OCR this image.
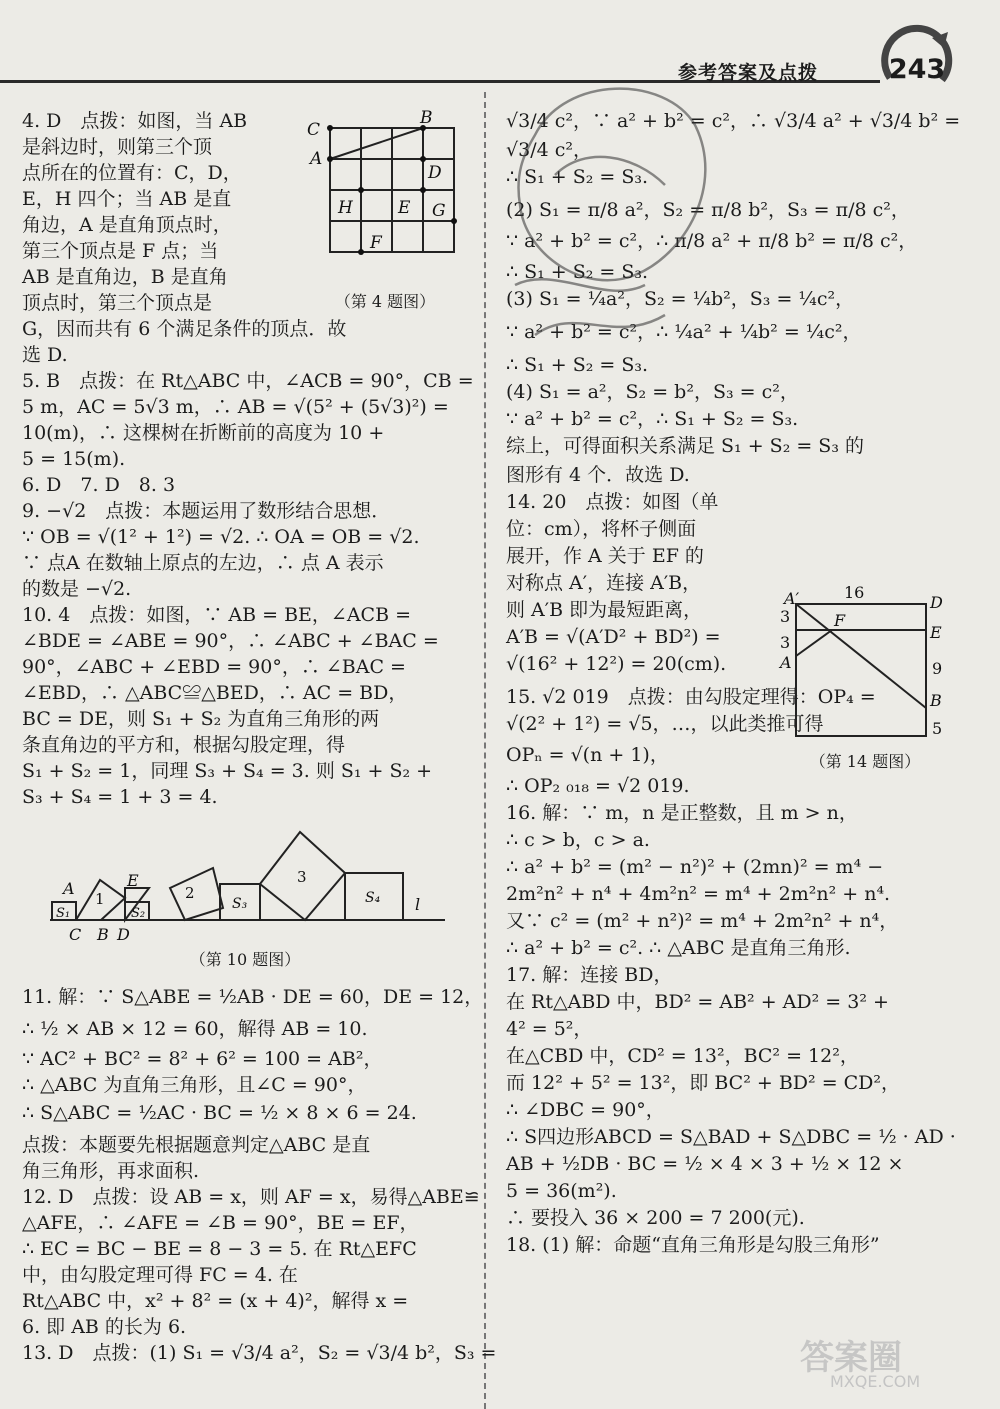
参考答案及点拨	243
4. D　点拨：如图，当 AB
是斜边时，则第三个顶
点所在的位置有：C，D，
E，H 四个；当 AB 是直
角边，A 是直角顶点时，
第三个顶点是 F 点；当
AB 是直角边，B 是直角
顶点时，第三个顶点是
G，因而共有 6 个满足条件的顶点．故
选 D.
5. B　点拨：在 Rt△ABC 中，∠ACB = 90°，CB =
5 m，AC = 5√3 m，∴ AB = √(5² + (5√3)²) =
10(m)，∴ 这棵树在折断前的高度为 10 +
5 = 15(m).
6. D　7. D　8. 3
9. −√2　点拨：本题运用了数形结合思想．
∵ OB = √(1² + 1²) = √2. ∴ OA = OB = √2.
∵ 点A 在数轴上原点的左边，∴ 点 A 表示
的数是 −√2.
10. 4　点拨：如图，∵ AB = BE，∠ACB =
∠BDE = ∠ABE = 90°，∴ ∠ABC + ∠BAC =
90°，∠ABC + ∠EBD = 90°，∴ ∠BAC =
∠EBD，∴ △ABC≌△BED，∴ AC = BD，
BC = DE，则 S₁ + S₂ 为直角三角形的两
条直角边的平方和，根据勾股定理，得
S₁ + S₂ = 1，同理 S₃ + S₄ = 3. 则 S₁ + S₂ +
S₃ + S₄ = 1 + 3 = 4.
C
A
B
D
H	E G
F
（第 4 题图）
A	E
C B D
l
S₁	S₂
S₃	S₄
1	2
3
（第 10 题图）
11. 解：∵ S△ABE = ½AB · DE = 60，DE = 12，
∴ ½ × AB × 12 = 60，解得 AB = 10.
∵ AC² + BC² = 8² + 6² = 100 = AB²，
∴ △ABC 为直角三角形，且∠C = 90°，
∴ S△ABC = ½AC · BC = ½ × 8 × 6 = 24.
点拨：本题要先根据题意判定△ABC 是直
角三角形，再求面积.
12. D　点拨：设 AB = x，则 AF = x，易得△ABE≌
△AFE，∴ ∠AFE = ∠B = 90°，BE = EF，
∴ EC = BC − BE = 8 − 3 = 5. 在 Rt△EFC
中，由勾股定理可得 FC = 4. 在
Rt△ABC 中，x² + 8² = (x + 4)²，解得 x =
6. 即 AB 的长为 6.
13. D　点拨：(1) S₁ = √3/4 a²，S₂ = √3/4 b²，S₃ =
√3/4 c²，∵ a² + b² = c²，∴ √3/4 a² + √3/4 b² =
√3/4 c²，
∴ S₁ + S₂ = S₃.
(2) S₁ = π/8 a²，S₂ = π/8 b²，S₃ = π/8 c²，
∵ a² + b² = c²，∴ π/8 a² + π/8 b² = π/8 c²，
∴ S₁ + S₂ = S₃.
(3) S₁ = ¼a²，S₂ = ¼b²，S₃ = ¼c²，
∵ a² + b² = c²，∴ ¼a² + ¼b² = ¼c²，
∴ S₁ + S₂ = S₃.
(4) S₁ = a²，S₂ = b²，S₃ = c²，
∵ a² + b² = c²，∴ S₁ + S₂ = S₃.
综上，可得面积关系满足 S₁ + S₂ = S₃ 的
图形有 4 个．故选 D.
14. 20　点拨：如图（单
位：cm），将杯子侧面
展开，作 A 关于 EF 的
对称点 A′，连接 A′B，
则 A′B 即为最短距离，
A′B = √(A′D² + BD²) =
√(16² + 12²) = 20(cm).
15. √2 019　点拨：由勾股定理得：OP₄ =
√(2² + 1²) = √5，…，以此类推可得
OPₙ = √(n + 1)，
∴ OP₂ ₀₁₈ = √2 019.
16. 解：∵ m，n 是正整数，且 m > n，
∴ c > b，c > a.
∴ a² + b² = (m² − n²)² + (2mn)² = m⁴ −
2m²n² + n⁴ + 4m²n² = m⁴ + 2m²n² + n⁴.
又∵ c² = (m² + n²)² = m⁴ + 2m²n² + n⁴，
∴ a² + b² = c². ∴ △ABC 是直角三角形.
17. 解：连接 BD，
在 Rt△ABD 中，BD² = AB² + AD² = 3² +
4² = 5²，
在△CBD 中，CD² = 13²，BC² = 12²，
而 12² + 5² = 13²，即 BC² + BD² = CD²，
∴ ∠DBC = 90°，
∴ S四边形ABCD = S△BAD + S△DBC = ½ · AD ·
AB + ½DB · BC = ½ × 4 × 3 + ½ × 12 ×
5 = 36(m²).
∴ 要投入 36 × 200 = 7 200(元).
18. (1) 解：命题“直角三角形是勾股三角形”
A′	16
D
3	F
E
3
A	9
B
5
（第 14 题图）
答案圈
MXQE.COM
